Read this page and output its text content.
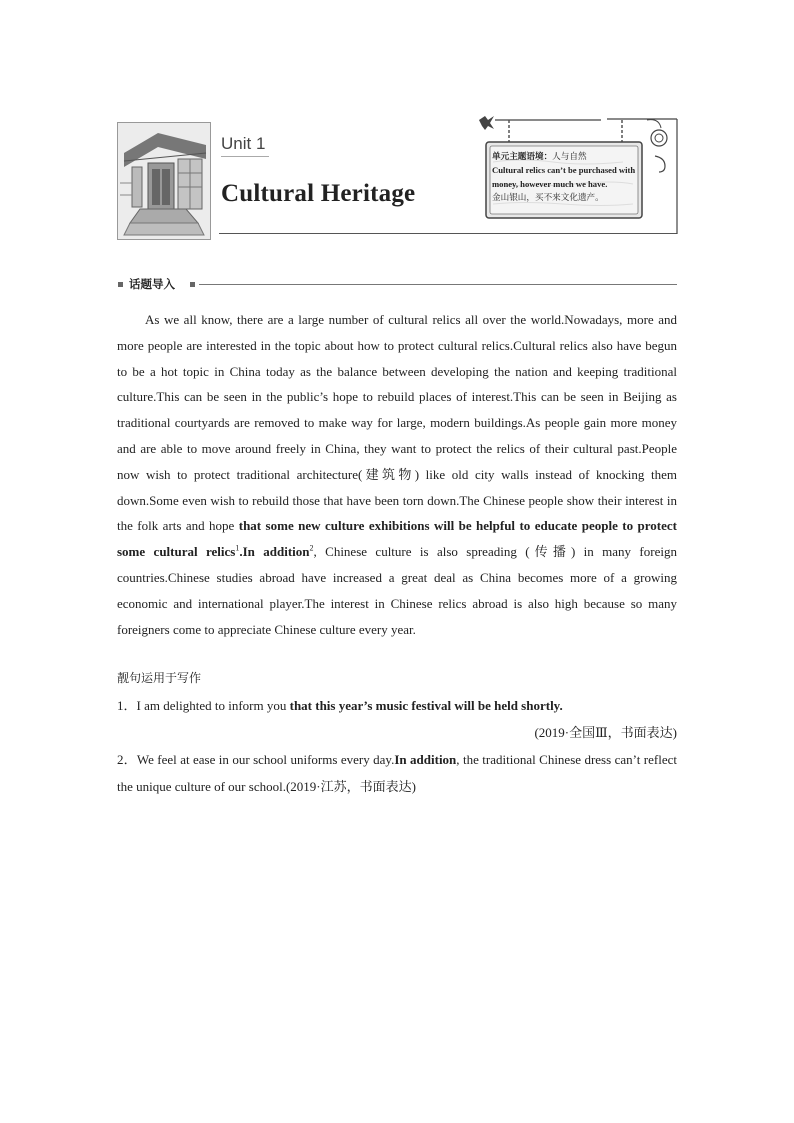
Unit 1
Cultural Heritage
单元主题语境：人与自然
Cultural relics can’t be purchased with money, however much we have.
金山银山，买不来文化遗产。
话题导入

As we all know, there are a large number of cultural relics all over the world.Nowadays, more and more people are interested in the topic about how to protect cultural relics.Cultural relics also have begun to be a hot topic in China today as the balance between developing the nation and keeping traditional culture.This can be seen in the public’s hope to rebuild places of interest.This can be seen in Beijing as traditional courtyards are removed to make way for large, modern buildings.As people gain more money and are able to move around freely in China, they want to protect the relics of their cultural past.People now wish to protect traditional architecture(建筑物) like old city walls instead of knocking them down.Some even wish to rebuild those that have been torn down.The Chinese people show their interest in the folk arts and hope that some new culture exhibitions will be helpful to educate people to protect some cultural relics$^1$.In addition$^2$, Chinese culture is also spreading (传播) in many foreign countries.Chinese studies abroad have increased a great deal as China becomes more of a growing economic and international player.The interest in Chinese relics abroad is also high because so many foreigners come to appreciate Chinese culture every year.

靓句运用于写作
1．I am delighted to inform you that this year’s music festival will be held shortly.
(2019·全国Ⅲ，书面表达)
2．We feel at ease in our school uniforms every day.In addition, the traditional Chinese dress can’t reflect the unique culture of our school.(2019·江苏，书面表达)
